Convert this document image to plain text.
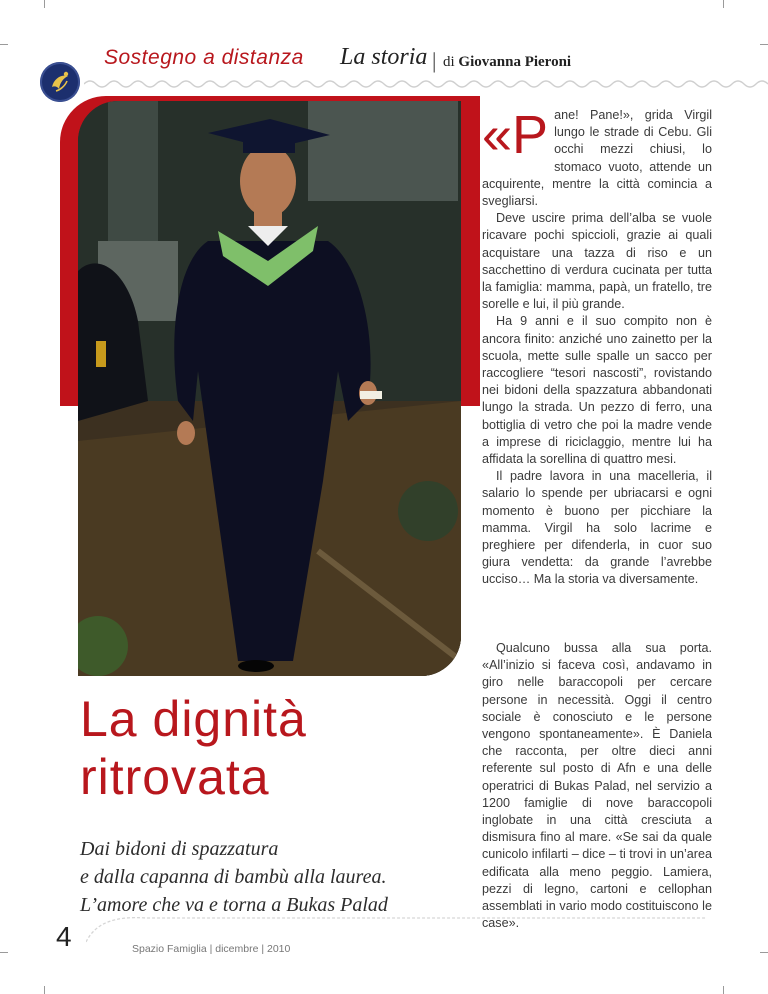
Sostegno a distanza La storia | di Giovanna Pieroni
La dignità
ritrovata
Dai bidoni di spazzatura
e dalla capanna di bambù alla laurea.
L’amore che va e torna a Bukas Palad

«Pane! Pane!», grida Virgil lungo le strade di Cebu. Gli occhi mezzi chiusi, lo stomaco vuoto, attende un acquirente, mentre la città comincia a svegliarsi.

Deve uscire prima dell’alba se vuole ricavare pochi spiccioli, grazie ai quali acquistare una tazza di riso e un sacchettino di verdura cucinata per tutta la famiglia: mamma, papà, un fratello, tre sorelle e lui, il più grande.

Ha 9 anni e il suo compito non è ancora finito: anziché uno zainetto per la scuola, mette sulle spalle un sacco per raccogliere “tesori nascosti”, rovistando nei bidoni della spazzatura abbandonati lungo la strada. Un pezzo di ferro, una bottiglia di vetro che poi la madre vende a imprese di riciclaggio, mentre lui ha affidata la sorellina di quattro mesi.

Il padre lavora in una macelleria, il salario lo spende per ubriacarsi e ogni momento è buono per picchiare la mamma. Virgil ha solo lacrime e preghiere per difenderla, in cuor suo giura vendetta: da grande l’avrebbe ucciso… Ma la storia va diversamente.

Qualcuno bussa alla sua porta. «All’inizio si faceva così, andavamo in giro nelle baraccopoli per cercare persone in necessità. Oggi il centro sociale è conosciuto e le persone vengono spontaneamente». È Daniela che racconta, per oltre dieci anni referente sul posto di Afn e una delle operatrici di Bukas Palad, nel servizio a 1200 famiglie di nove baraccopoli inglobate in una città cresciuta a dismisura fino al mare. «Se sai da quale cunicolo infilarti – dice – ti trovi in un’area edificata alla meno peggio. Lamiera, pezzi di legno, cartoni e cellophan assemblati in vario modo costituiscono le case».

4	Spazio Famiglia | dicembre | 2010
